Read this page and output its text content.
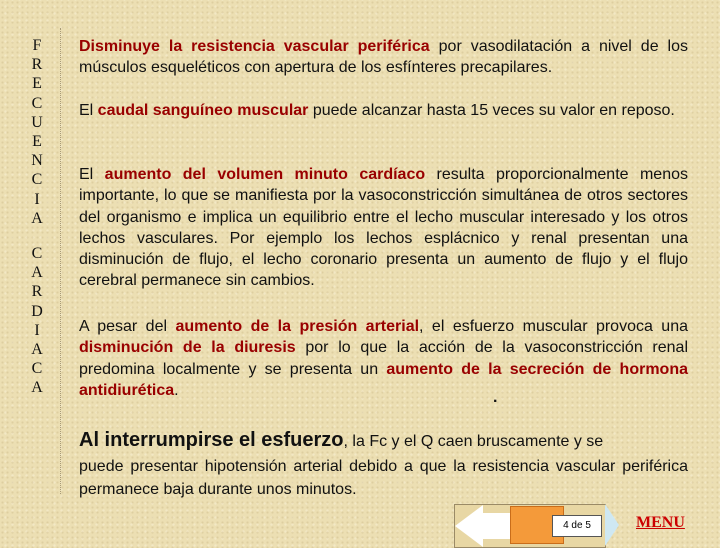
F
R
E
C
U
E
N
C
I
A
C
A
R
D
I
A
C
A

Disminuye la resistencia vascular periférica por vasodilatación a nivel de los músculos esqueléticos con apertura de los esfínteres precapilares.

El caudal sanguíneo muscular puede alcanzar hasta 15 veces su valor en reposo.

El aumento del volumen minuto cardíaco resulta proporcionalmente menos importante, lo que se manifiesta por la vasoconstricción simultánea de otros sectores del organismo e implica un equilibrio entre el lecho muscular interesado y los otros lechos vasculares. Por ejemplo los lechos esplácnico y renal presentan una disminución de flujo, el lecho coronario presenta un aumento de flujo y el flujo cerebral permanece sin cambios.

A pesar del aumento de la presión arterial, el esfuerzo muscular provoca una disminución de la diuresis por lo que la acción de la vasoconstricción renal predomina localmente y se presenta un aumento de la secreción de hormona antidiurética.	.

Al interrumpirse el esfuerzo, la Fc y el Q caen bruscamente y se

puede presentar hipotensión arterial debido a que la resistencia vascular periférica permanece baja durante unos minutos.

4 de 5	MENU
